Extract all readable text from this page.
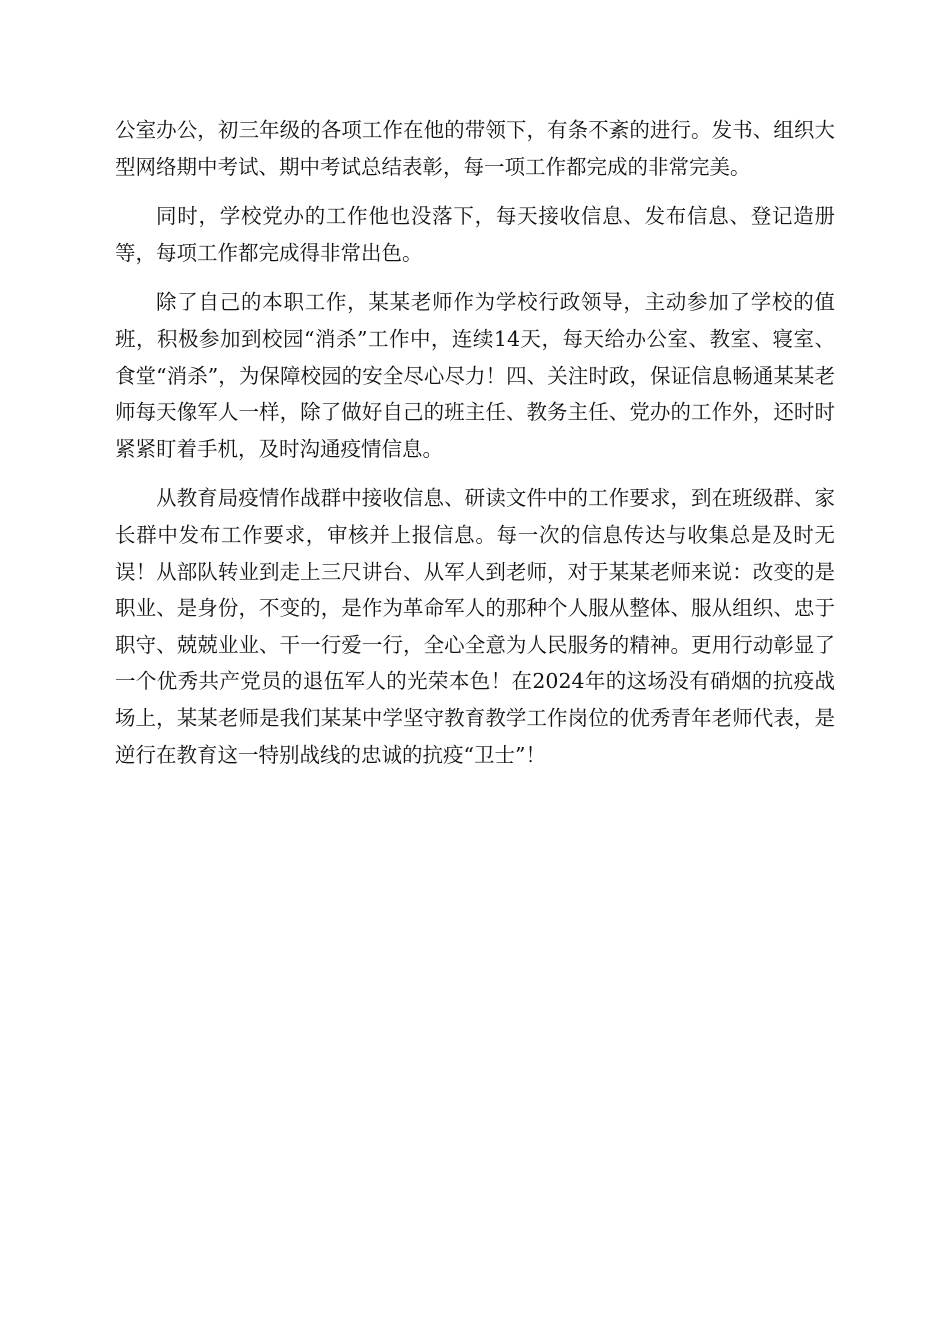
公室办公，初三年级的各项工作在他的带领下，有条不紊的进行。发书、组织大型网络期中考试、期中考试总结表彰，每一项工作都完成的非常完美。

同时，学校党办的工作他也没落下，每天接收信息、发布信息、登记造册等，每项工作都完成得非常出色。

除了自己的本职工作，某某老师作为学校行政领导，主动参加了学校的值班，积极参加到校园“消杀”工作中，连续14天，每天给办公室、教室、寝室、食堂“消杀”，为保障校园的安全尽心尽力！四、关注时政，保证信息畅通某某老师每天像军人一样，除了做好自己的班主任、教务主任、党办的工作外，还时时紧紧盯着手机，及时沟通疫情信息。

从教育局疫情作战群中接收信息、研读文件中的工作要求，到在班级群、家长群中发布工作要求，审核并上报信息。每一次的信息传达与收集总是及时无误！从部队转业到走上三尺讲台、从军人到老师，对于某某老师来说：改变的是职业、是身份，不变的，是作为革命军人的那种个人服从整体、服从组织、忠于职守、兢兢业业、干一行爱一行，全心全意为人民服务的精神。更用行动彰显了一个优秀共产党员的退伍军人的光荣本色！在2024年的这场没有硝烟的抗疫战场上，某某老师是我们某某中学坚守教育教学工作岗位的优秀青年老师代表，是逆行在教育这一特别战线的忠诚的抗疫“卫士”！
